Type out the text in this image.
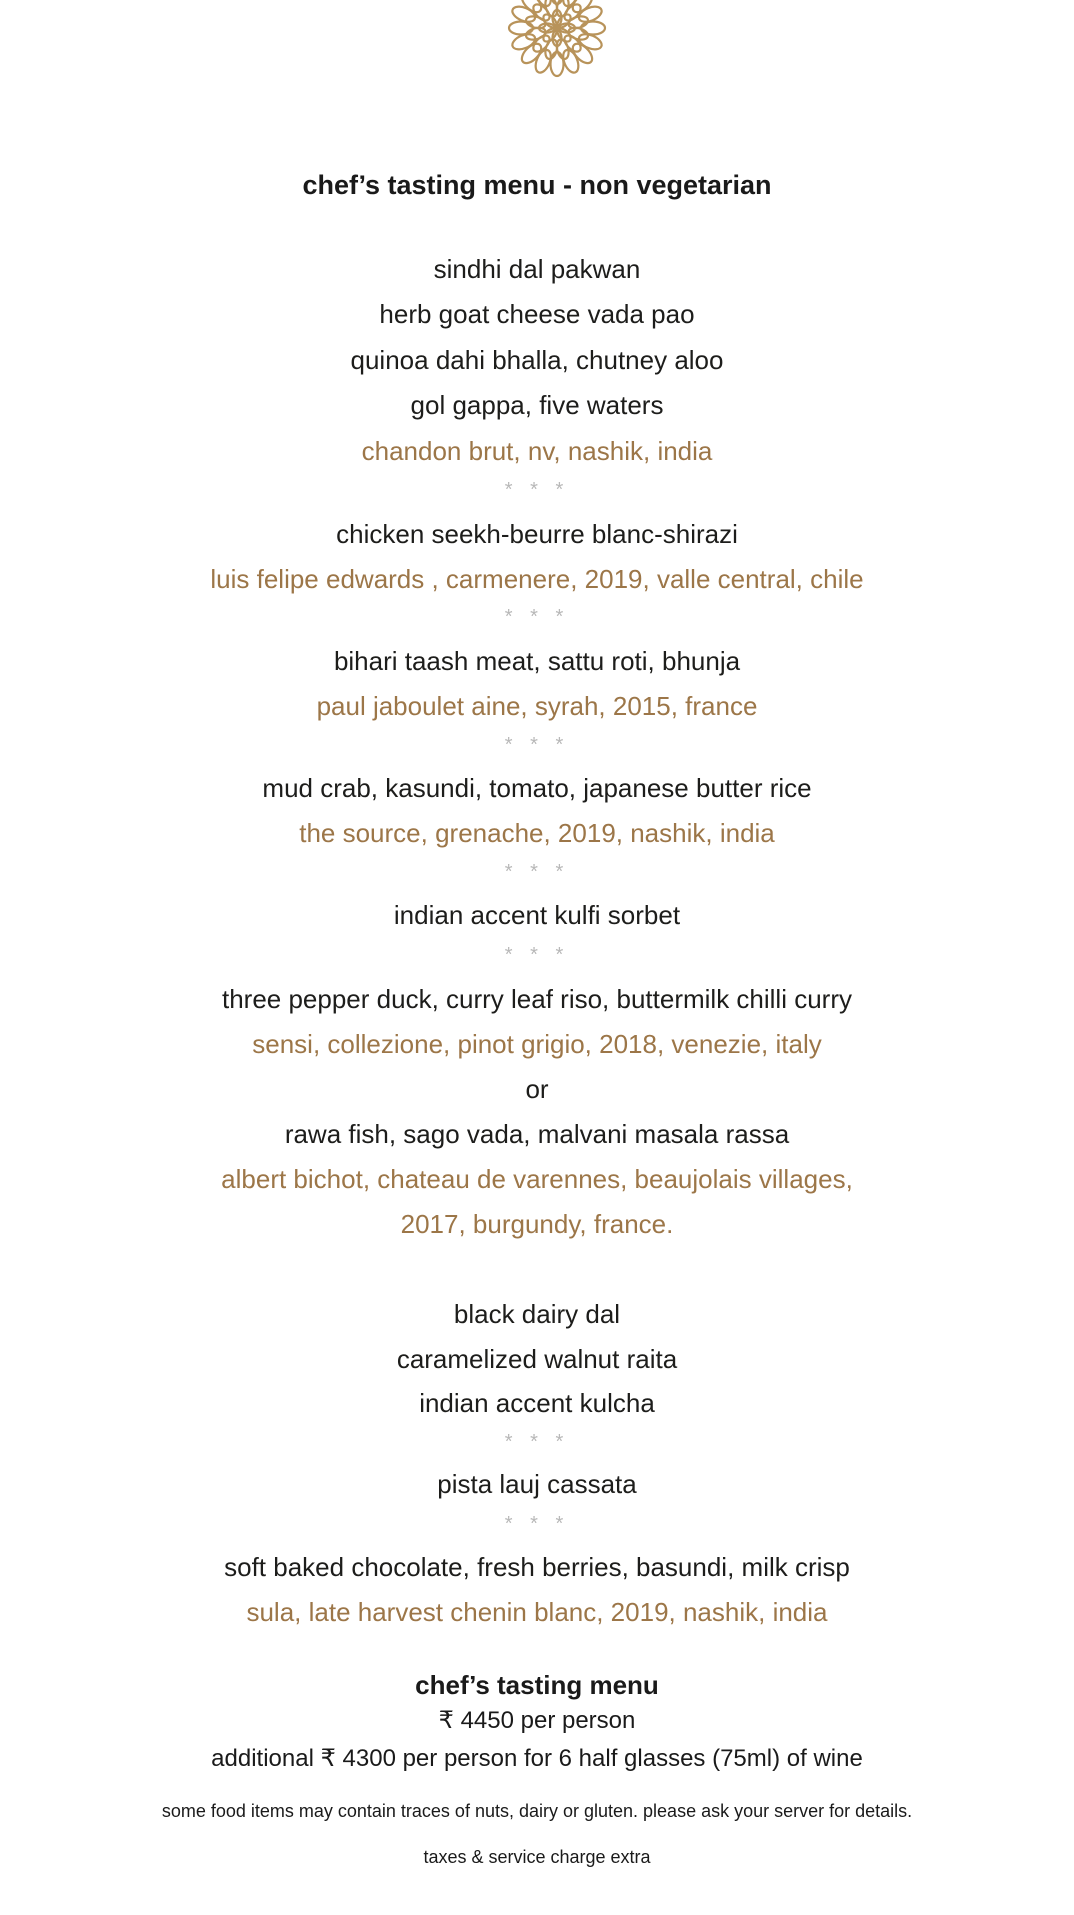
chef’s tasting menu - non vegetarian
sindhi dal pakwan
herb goat cheese vada pao
quinoa dahi bhalla, chutney aloo
gol gappa, five waters
chandon brut, nv, nashik, india
* * *
chicken seekh-beurre blanc-shirazi
luis felipe edwards , carmenere, 2019, valle central, chile
* * *
bihari taash meat, sattu roti, bhunja
paul jaboulet aine, syrah, 2015, france
* * *
mud crab, kasundi, tomato, japanese butter rice
the source, grenache, 2019, nashik, india
* * *
indian accent kulfi sorbet
* * *
three pepper duck, curry leaf riso, buttermilk chilli curry
sensi, collezione, pinot grigio, 2018, venezie, italy
or
rawa fish, sago vada, malvani masala rassa
albert bichot, chateau de varennes, beaujolais villages,
2017, burgundy, france.
black dairy dal
caramelized walnut raita
indian accent kulcha
* * *
pista lauj cassata
* * *
soft baked chocolate, fresh berries, basundi, milk crisp
sula, late harvest chenin blanc, 2019, nashik, india
chef’s tasting menu
₹ 4450 per person
additional ₹ 4300 per person for 6 half glasses (75ml) of wine
some food items may contain traces of nuts, dairy or gluten. please ask your server for details.
taxes & service charge extra
